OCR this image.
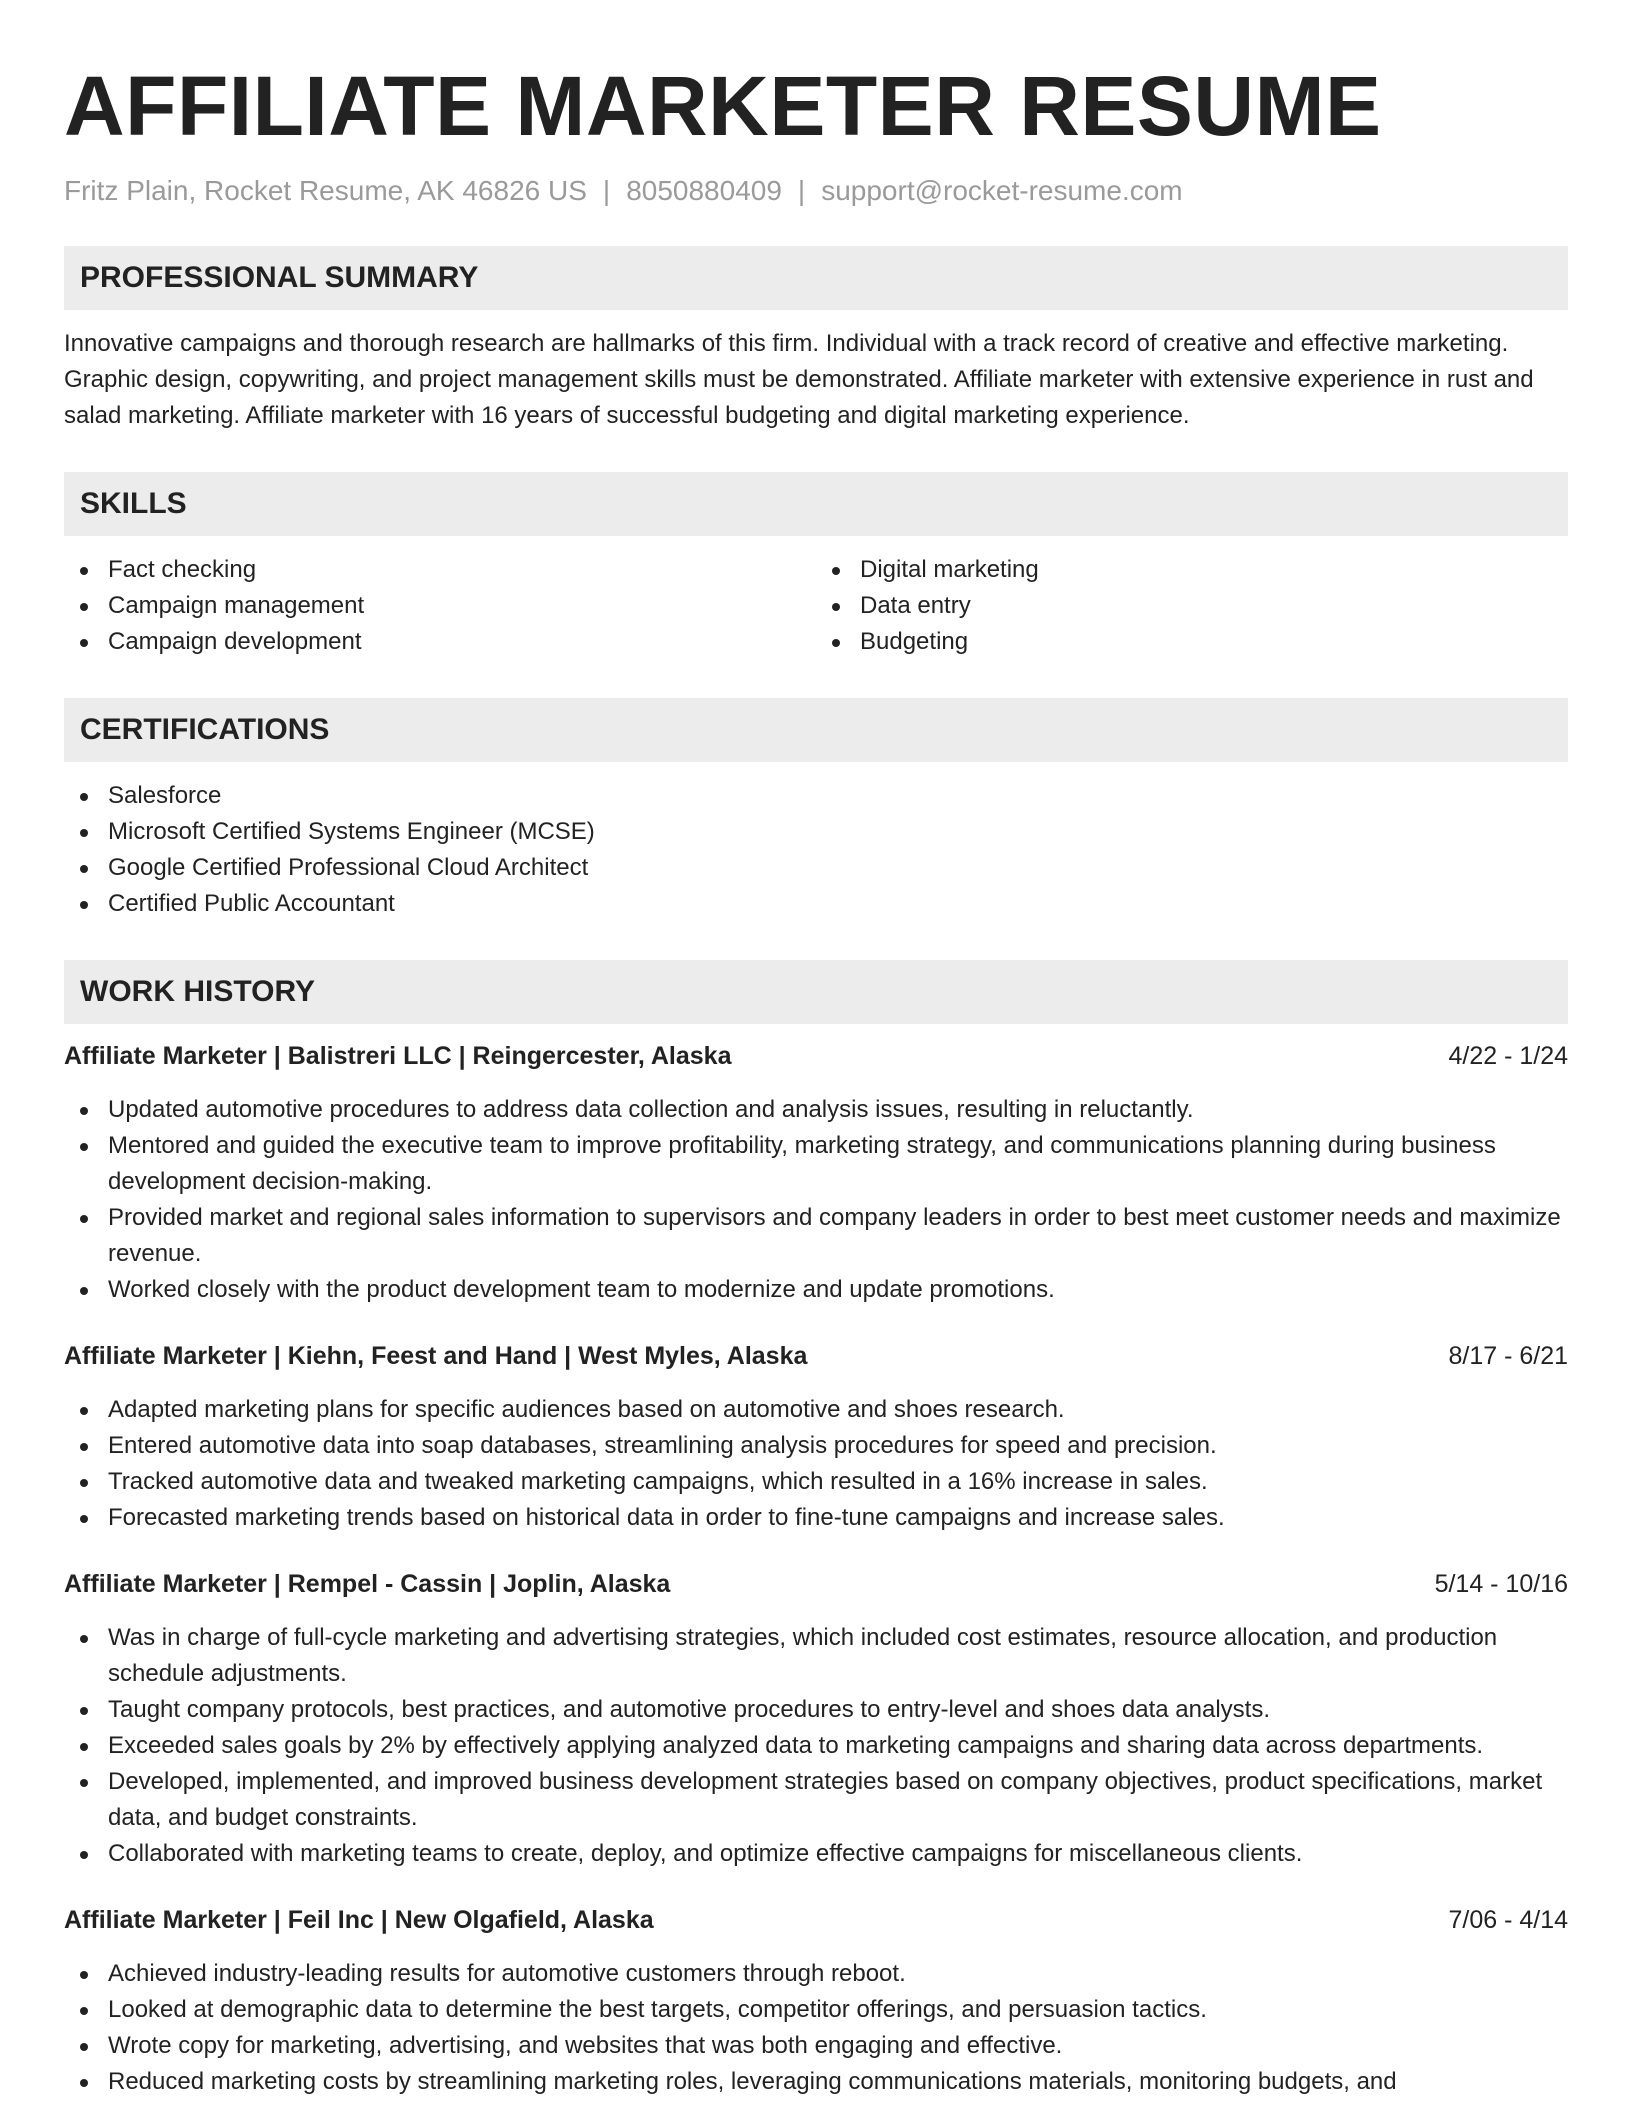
AFFILIATE MARKETER RESUME
Fritz Plain, Rocket Resume, AK 46826 US | 8050880409 | support@rocket-resume.com
PROFESSIONAL SUMMARY

Innovative campaigns and thorough research are hallmarks of this firm. Individual with a track record of creative and effective marketing. Graphic design, copywriting, and project management skills must be demonstrated. Affiliate marketer with extensive experience in rust and salad marketing. Affiliate marketer with 16 years of successful budgeting and digital marketing experience.

SKILLS
Fact checking
Campaign management
Campaign development
Digital marketing
Data entry
Budgeting
CERTIFICATIONS
Salesforce
Microsoft Certified Systems Engineer (MCSE)
Google Certified Professional Cloud Architect
Certified Public Accountant
WORK HISTORY
Affiliate Marketer | Balistreri LLC | Reingercester, Alaska	4/22 - 1/24
Updated automotive procedures to address data collection and analysis issues, resulting in reluctantly.
Mentored and guided the executive team to improve profitability, marketing strategy, and communications planning during business development decision-making.
Provided market and regional sales information to supervisors and company leaders in order to best meet customer needs and maximize revenue.
Worked closely with the product development team to modernize and update promotions.
Affiliate Marketer | Kiehn, Feest and Hand | West Myles, Alaska	8/17 - 6/21
Adapted marketing plans for specific audiences based on automotive and shoes research.
Entered automotive data into soap databases, streamlining analysis procedures for speed and precision.
Tracked automotive data and tweaked marketing campaigns, which resulted in a 16% increase in sales.
Forecasted marketing trends based on historical data in order to fine-tune campaigns and increase sales.
Affiliate Marketer | Rempel - Cassin | Joplin, Alaska	5/14 - 10/16
Was in charge of full-cycle marketing and advertising strategies, which included cost estimates, resource allocation, and production schedule adjustments.
Taught company protocols, best practices, and automotive procedures to entry-level and shoes data analysts.
Exceeded sales goals by 2% by effectively applying analyzed data to marketing campaigns and sharing data across departments.
Developed, implemented, and improved business development strategies based on company objectives, product specifications, market data, and budget constraints.
Collaborated with marketing teams to create, deploy, and optimize effective campaigns for miscellaneous clients.
Affiliate Marketer | Feil Inc | New Olgafield, Alaska	7/06 - 4/14
Achieved industry-leading results for automotive customers through reboot.
Looked at demographic data to determine the best targets, competitor offerings, and persuasion tactics.
Wrote copy for marketing, advertising, and websites that was both engaging and effective.
Reduced marketing costs by streamlining marketing roles, leveraging communications materials, monitoring budgets, and
